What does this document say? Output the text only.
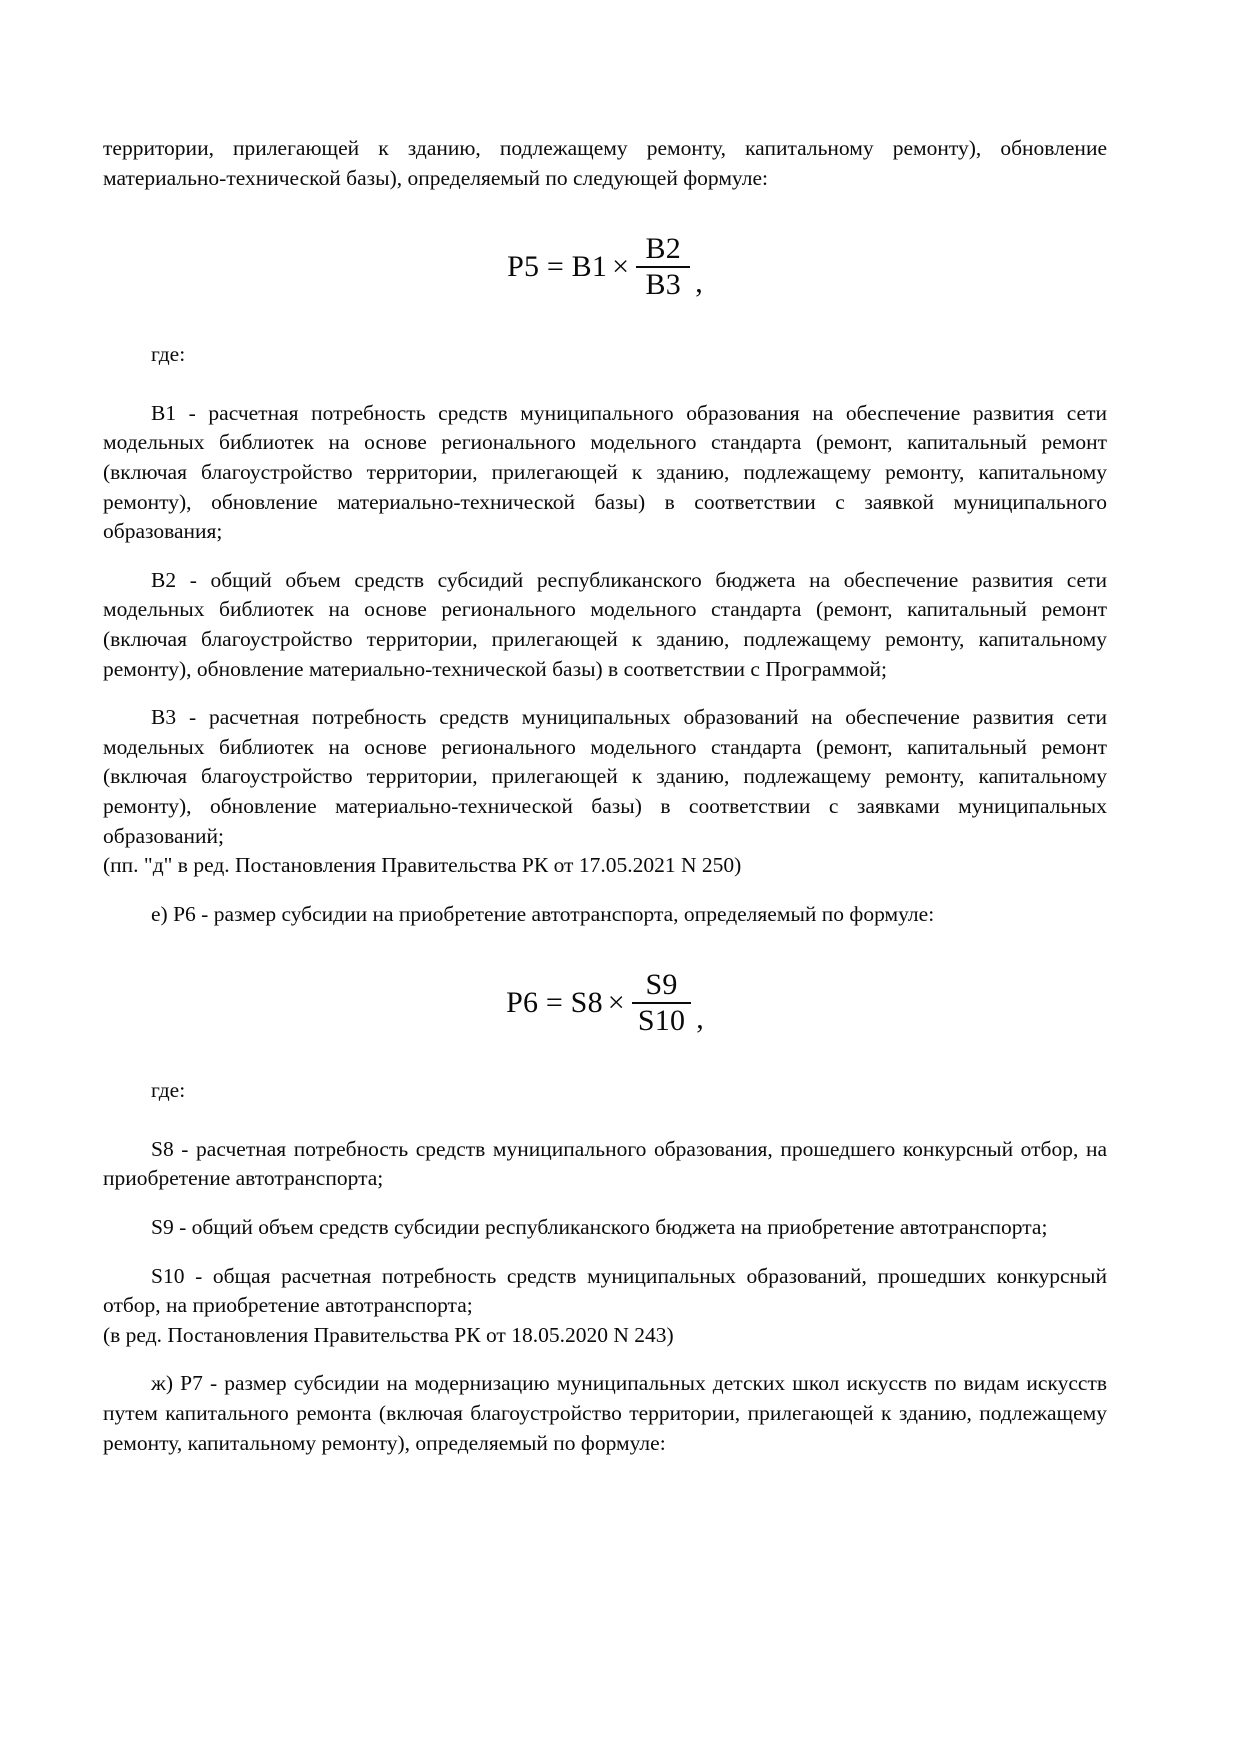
территории, прилегающей к зданию, подлежащему ремонту, капитальному ремонту), обновление материально-технической базы), определяемый по следующей формуле:

$P5 = B1 \times \frac{B2}{B3}$ ,

где:

B1 - расчетная потребность средств муниципального образования на обеспечение развития сети модельных библиотек на основе регионального модельного стандарта (ремонт, капитальный ремонт (включая благоустройство территории, прилегающей к зданию, подлежащему ремонту, капитальному ремонту), обновление материально-технической базы) в соответствии с заявкой муниципального образования;

B2 - общий объем средств субсидий республиканского бюджета на обеспечение развития сети модельных библиотек на основе регионального модельного стандарта (ремонт, капитальный ремонт (включая благоустройство территории, прилегающей к зданию, подлежащему ремонту, капитальному ремонту), обновление материально-технической базы) в соответствии с Программой;

B3 - расчетная потребность средств муниципальных образований на обеспечение развития сети модельных библиотек на основе регионального модельного стандарта (ремонт, капитальный ремонт (включая благоустройство территории, прилегающей к зданию, подлежащему ремонту, капитальному ремонту), обновление материально-технической базы) в соответствии с заявками муниципальных образований;

(пп. "д" в ред. Постановления Правительства РК от 17.05.2021 N 250)

е) P6 - размер субсидии на приобретение автотранспорта, определяемый по формуле:

$P6 = S8 \times \frac{S9}{S10}$ ,

где:

S8 - расчетная потребность средств муниципального образования, прошедшего конкурсный отбор, на приобретение автотранспорта;

S9 - общий объем средств субсидии республиканского бюджета на приобретение автотранспорта;

S10 - общая расчетная потребность средств муниципальных образований, прошедших конкурсный отбор, на приобретение автотранспорта;

(в ред. Постановления Правительства РК от 18.05.2020 N 243)

ж) P7 - размер субсидии на модернизацию муниципальных детских школ искусств по видам искусств путем капитального ремонта (включая благоустройство территории, прилегающей к зданию, подлежащему ремонту, капитальному ремонту), определяемый по формуле:
